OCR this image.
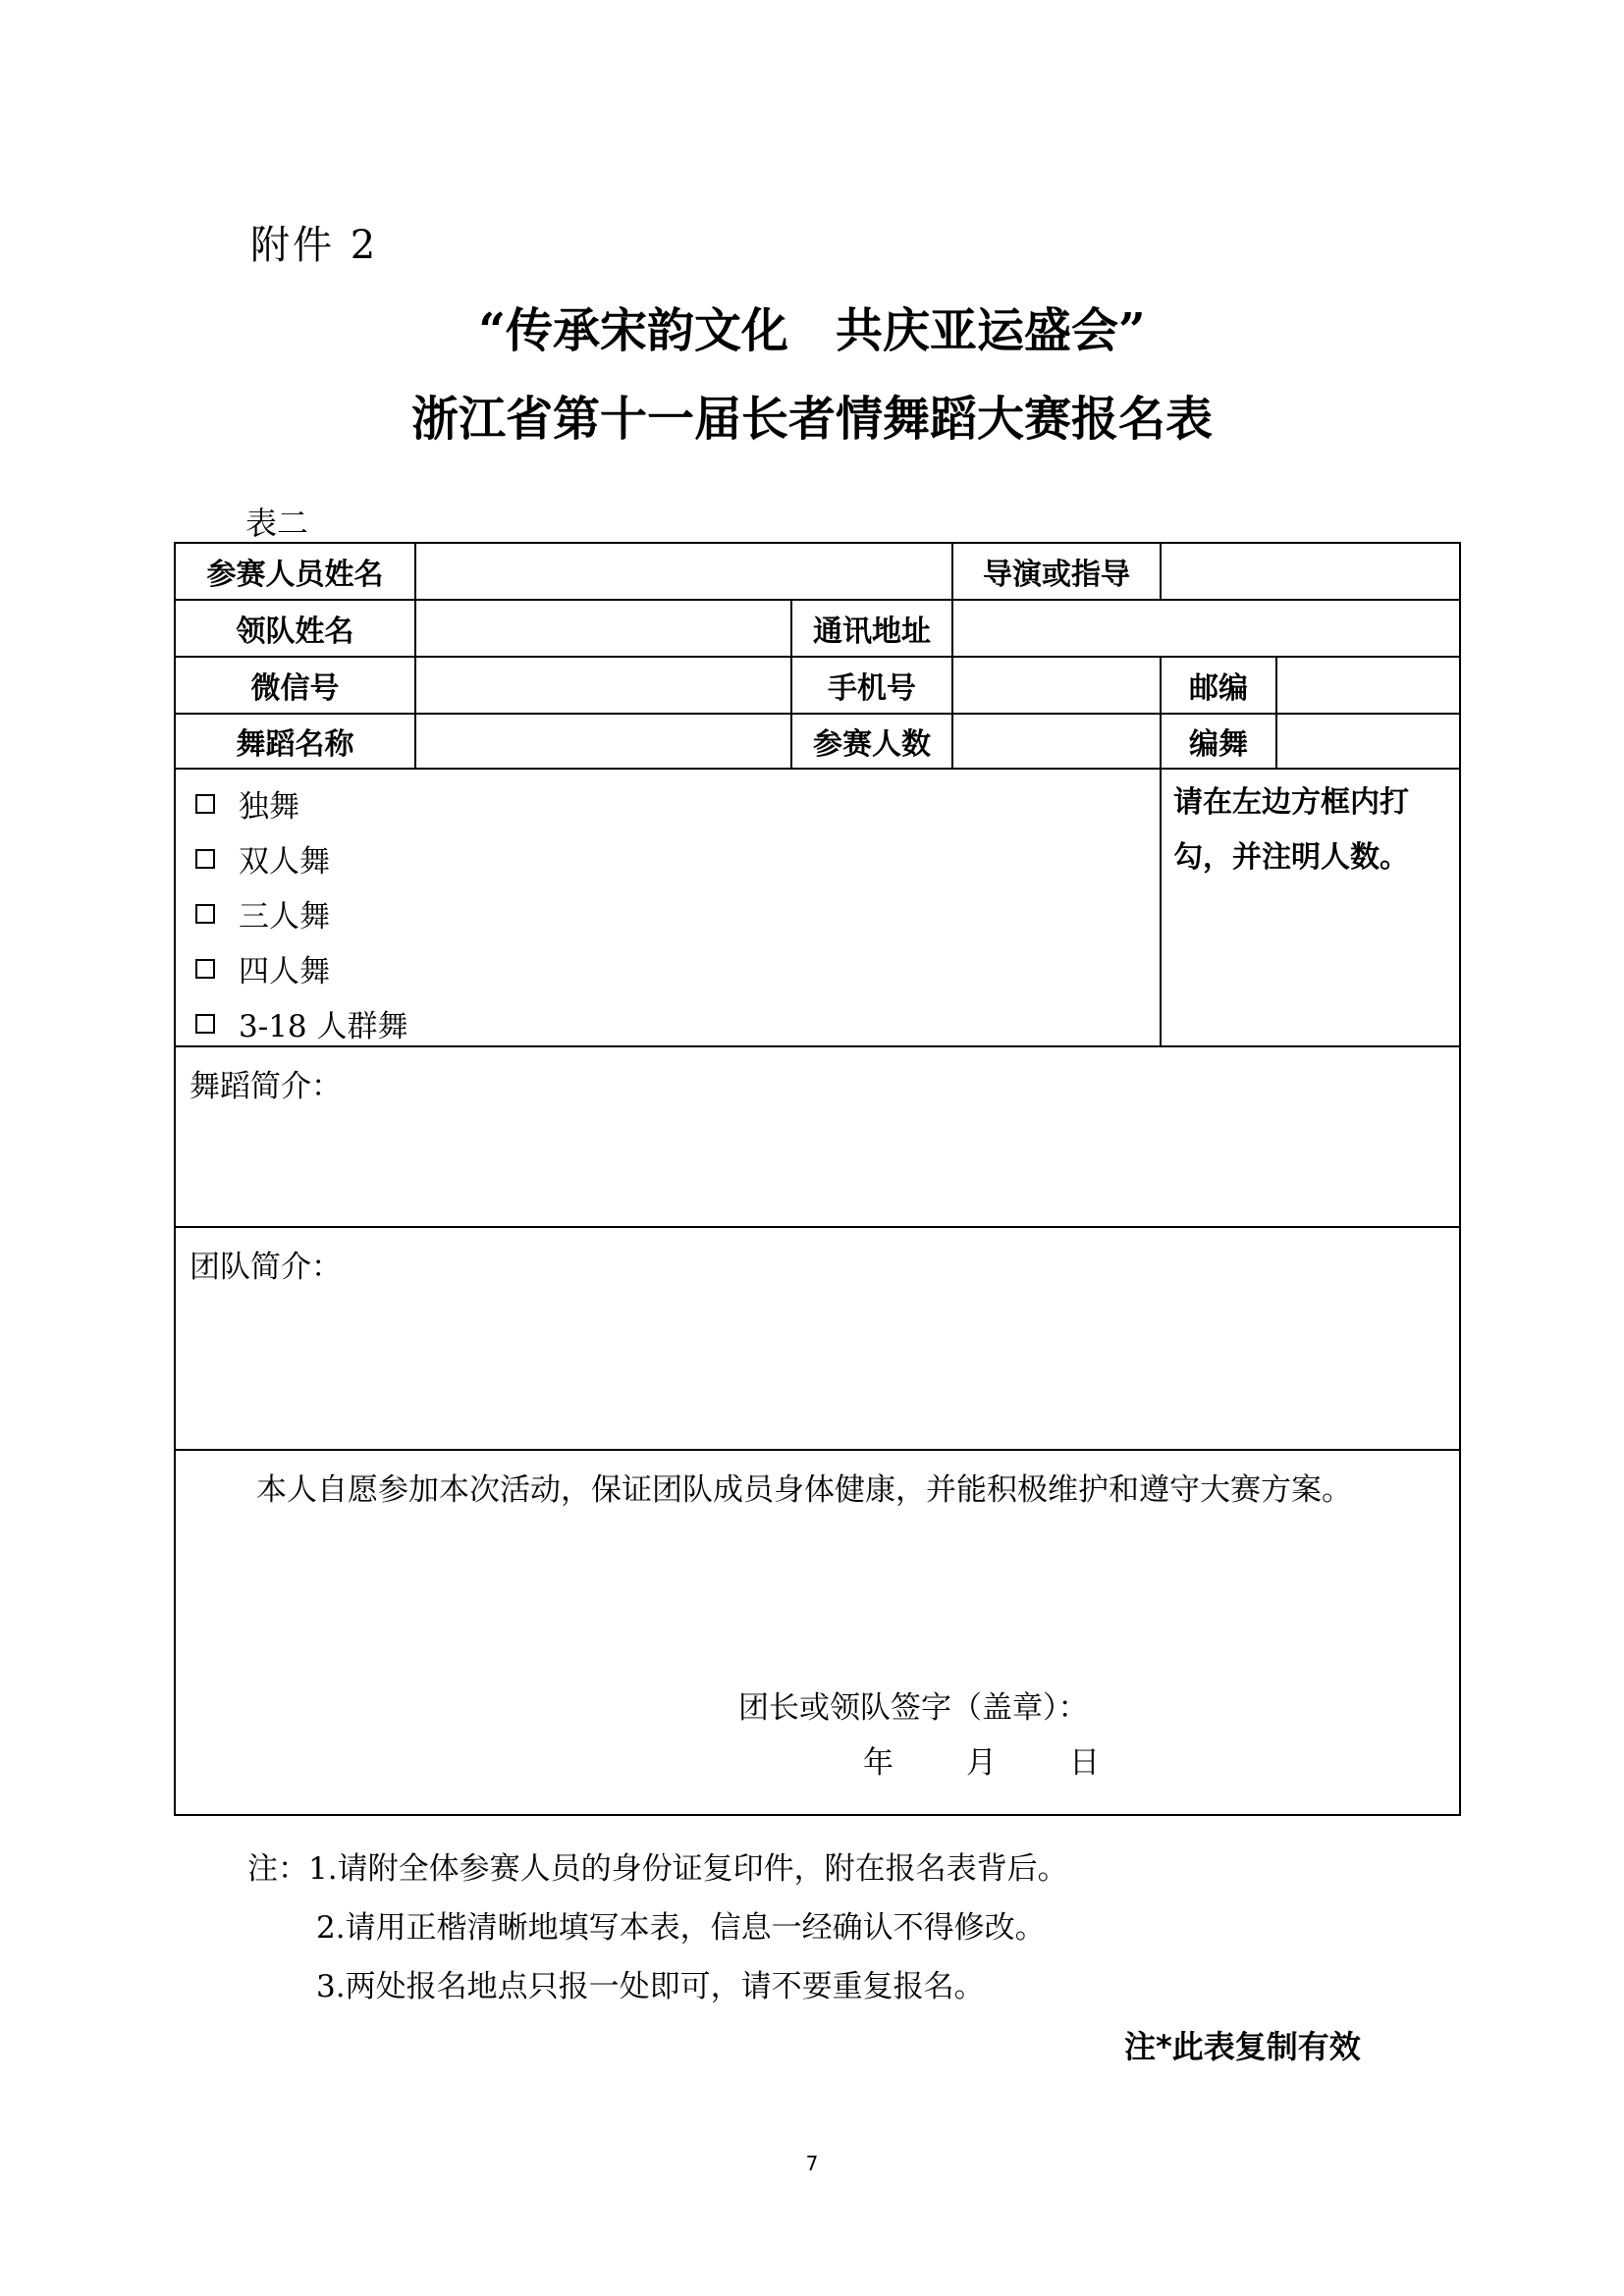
附件 2
“传承宋韵文化　共庆亚运盛会”
浙江省第十一届长者情舞蹈大赛报名表
表二
参赛人员姓名	导演或指导
领队姓名	通讯地址
微信号	手机号	邮编
舞蹈名称	参赛人数	编舞
独舞
双人舞
三人舞
四人舞
3-18 人群舞
请在左边方框内打勾，并注明人数。
舞蹈简介：
团队简介：
本人自愿参加本次活动，保证团队成员身体健康，并能积极维护和遵守大赛方案。
团长或领队签字（盖章）：
年 月 日
注：1.请附全体参赛人员的身份证复印件，附在报名表背后。
2.请用正楷清晰地填写本表，信息一经确认不得修改。
3.两处报名地点只报一处即可，请不要重复报名。
注*此表复制有效
7
